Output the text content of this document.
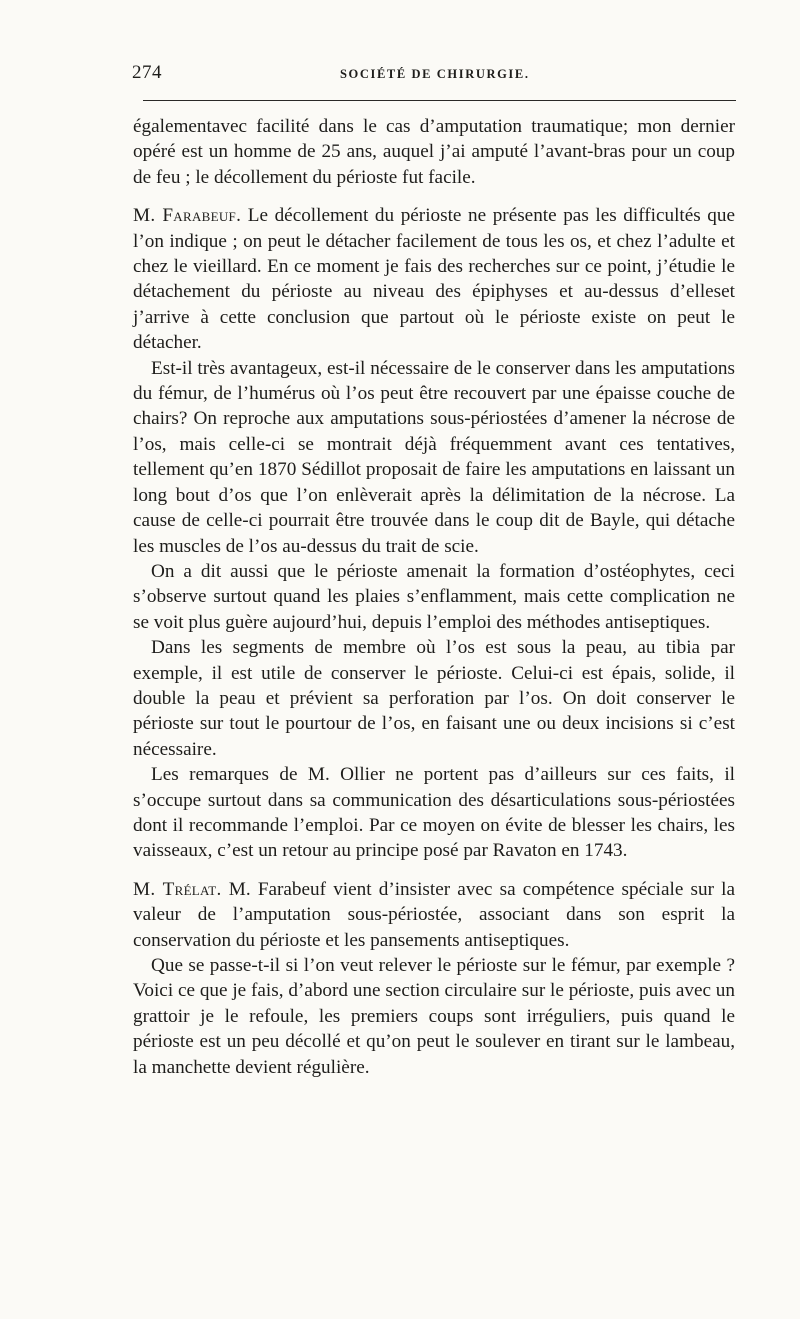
274	SOCIÉTÉ DE CHIRURGIE.

égalementavec facilité dans le cas d’amputation traumatique; mon dernier opéré est un homme de 25 ans, auquel j’ai amputé l’avant-bras pour un coup de feu ; le décollement du périoste fut facile.

M. Farabeuf. Le décollement du périoste ne présente pas les difficultés que l’on indique ; on peut le détacher facilement de tous les os, et chez l’adulte et chez le vieillard. En ce moment je fais des recherches sur ce point, j’étudie le détachement du périoste au niveau des épiphyses et au-dessus d’elleset j’arrive à cette conclusion que partout où le périoste existe on peut le détacher.

Est-il très avantageux, est-il nécessaire de le conserver dans les amputations du fémur, de l’humérus où l’os peut être recouvert par une épaisse couche de chairs? On reproche aux amputations sous-périostées d’amener la nécrose de l’os, mais celle-ci se montrait déjà fréquemment avant ces tentatives, tellement qu’en 1870 Sédillot proposait de faire les amputations en laissant un long bout d’os que l’on enlèverait après la délimitation de la nécrose. La cause de celle-ci pourrait être trouvée dans le coup dit de Bayle, qui détache les muscles de l’os au-dessus du trait de scie.

On a dit aussi que le périoste amenait la formation d’ostéophytes, ceci s’observe surtout quand les plaies s’enflamment, mais cette complication ne se voit plus guère aujourd’hui, depuis l’emploi des méthodes antiseptiques.

Dans les segments de membre où l’os est sous la peau, au tibia par exemple, il est utile de conserver le périoste. Celui-ci est épais, solide, il double la peau et prévient sa perforation par l’os. On doit conserver le périoste sur tout le pourtour de l’os, en faisant une ou deux incisions si c’est nécessaire.

Les remarques de M. Ollier ne portent pas d’ailleurs sur ces faits, il s’occupe surtout dans sa communication des désarticulations sous-périostées dont il recommande l’emploi. Par ce moyen on évite de blesser les chairs, les vaisseaux, c’est un retour au principe posé par Ravaton en 1743.

M. Trélat. M. Farabeuf vient d’insister avec sa compétence spéciale sur la valeur de l’amputation sous-périostée, associant dans son esprit la conservation du périoste et les pansements antiseptiques.

Que se passe-t-il si l’on veut relever le périoste sur le fémur, par exemple ? Voici ce que je fais, d’abord une section circulaire sur le périoste, puis avec un grattoir je le refoule, les premiers coups sont irréguliers, puis quand le périoste est un peu décollé et qu’on peut le soulever en tirant sur le lambeau, la manchette devient régulière.
